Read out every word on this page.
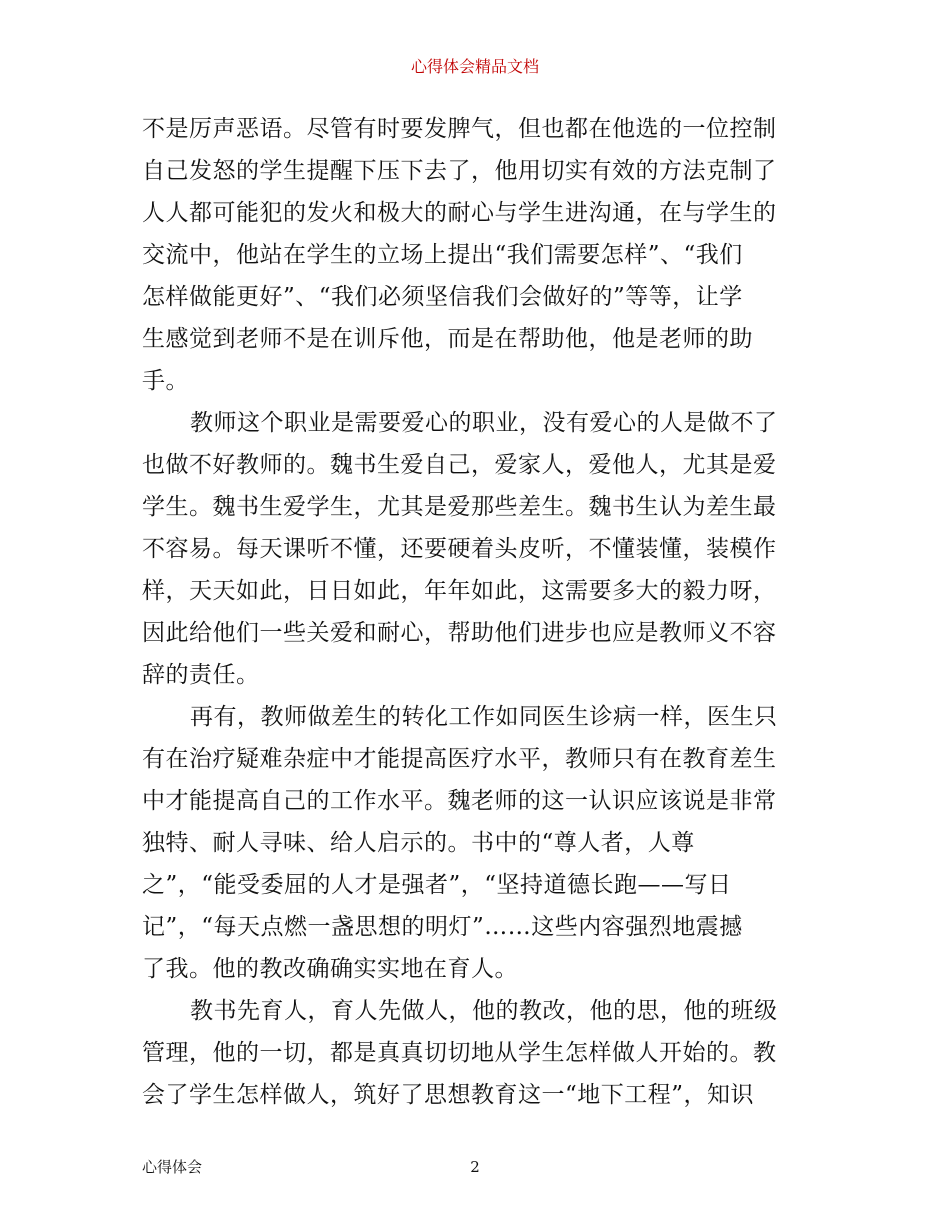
心得体会精品文档
不是厉声恶语。尽管有时要发脾气，但也都在他选的一位控制
自己发怒的学生提醒下压下去了，他用切实有效的方法克制了
人人都可能犯的发火和极大的耐心与学生进沟通，在与学生的
交流中，他站在学生的立场上提出“我们需要怎样”、“我们
怎样做能更好”、“我们必须坚信我们会做好的”等等，让学
生感觉到老师不是在训斥他，而是在帮助他，他是老师的助
手。
教师这个职业是需要爱心的职业，没有爱心的人是做不了
也做不好教师的。魏书生爱自己，爱家人，爱他人，尤其是爱
学生。魏书生爱学生，尤其是爱那些差生。魏书生认为差生最
不容易。每天课听不懂，还要硬着头皮听，不懂装懂，装模作
样，天天如此，日日如此，年年如此，这需要多大的毅力呀，
因此给他们一些关爱和耐心，帮助他们进步也应是教师义不容
辞的责任。
再有，教师做差生的转化工作如同医生诊病一样，医生只
有在治疗疑难杂症中才能提高医疗水平，教师只有在教育差生
中才能提高自己的工作水平。魏老师的这一认识应该说是非常
独特、耐人寻味、给人启示的。书中的“尊人者，人尊
之”，“能受委屈的人才是强者”，“坚持道德长跑——写日
记”，“每天点燃一盏思想的明灯”……这些内容强烈地震撼
了我。他的教改确确实实地在育人。
教书先育人，育人先做人，他的教改，他的思，他的班级
管理，他的一切，都是真真切切地从学生怎样做人开始的。教
会了学生怎样做人，筑好了思想教育这一“地下工程”，知识
心得体会	2
